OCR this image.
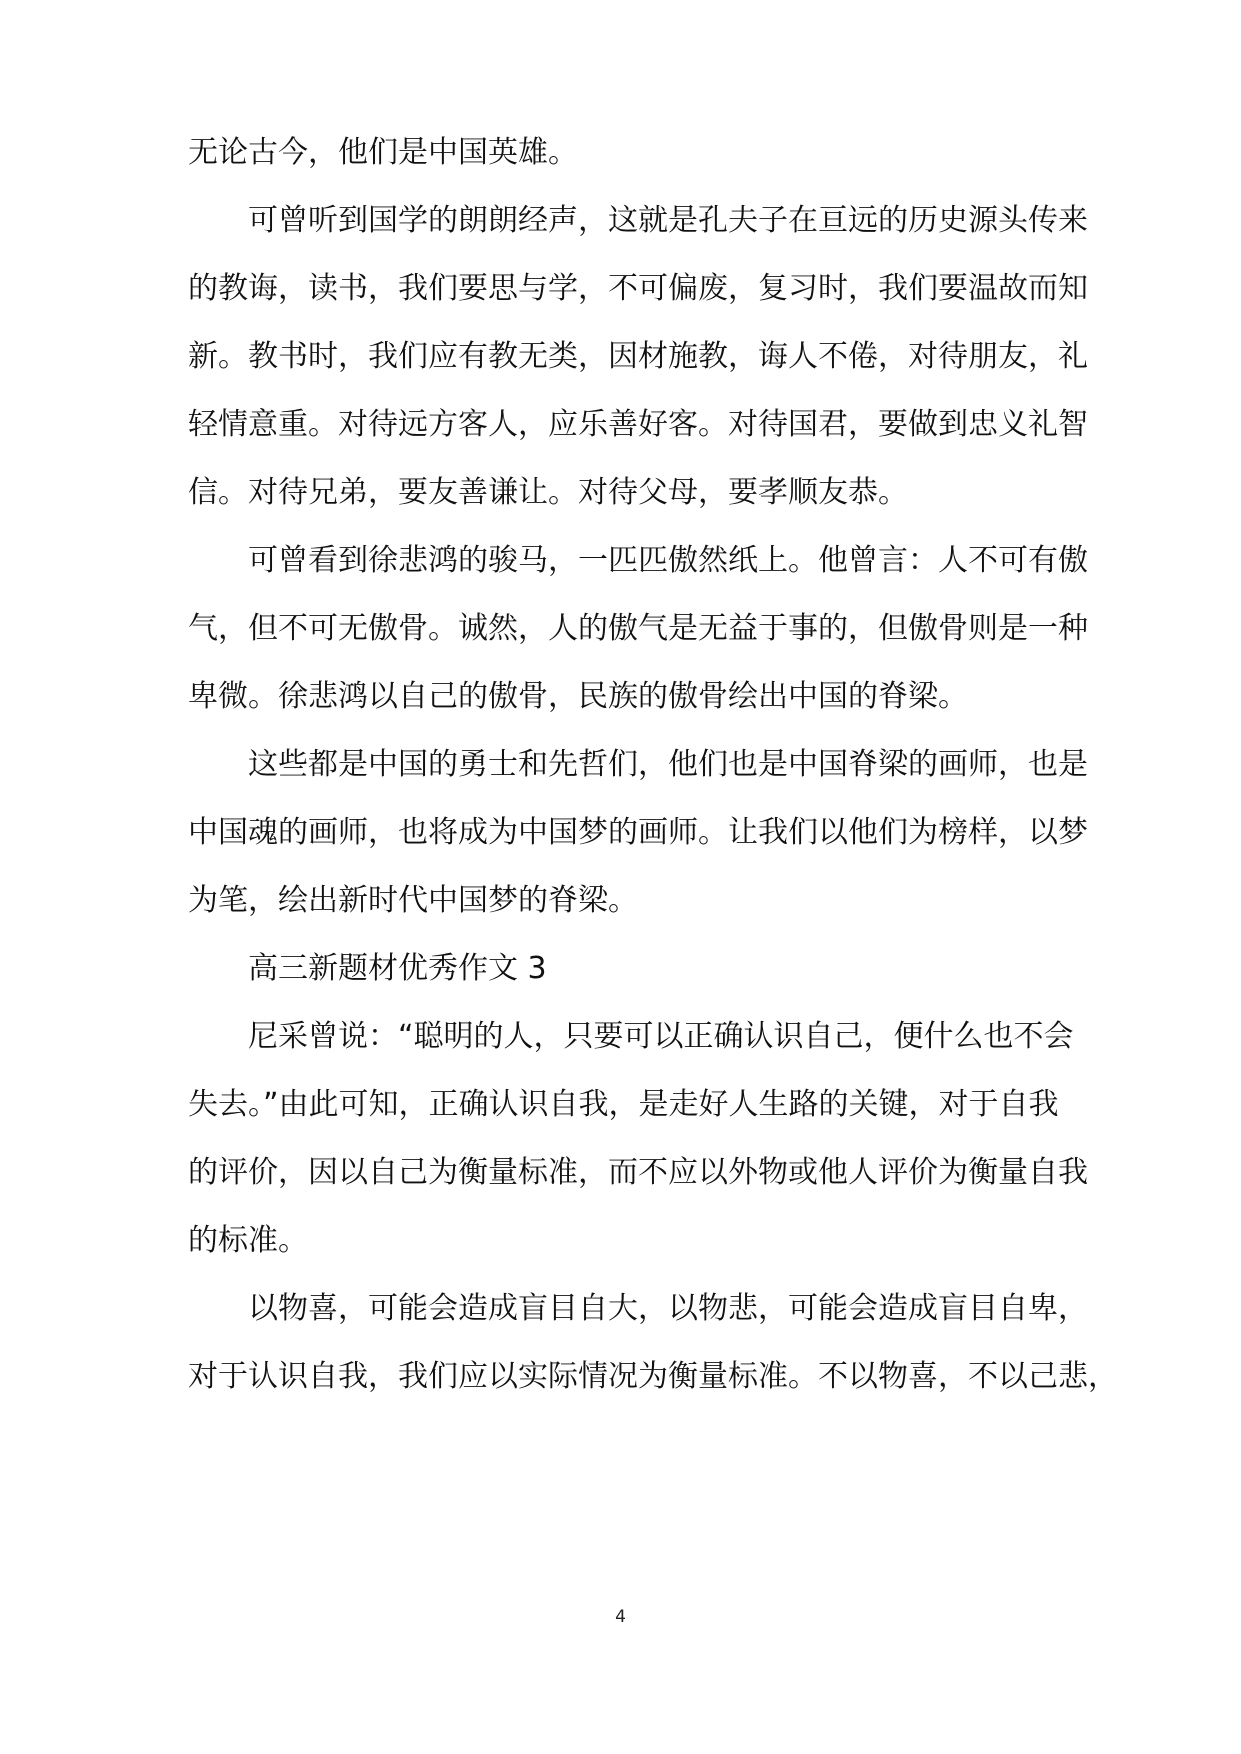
无论古今，他们是中国英雄。
可曾听到国学的朗朗经声，这就是孔夫子在亘远的历史源头传来
的教诲，读书，我们要思与学，不可偏废，复习时，我们要温故而知
新。教书时，我们应有教无类，因材施教，诲人不倦，对待朋友，礼
轻情意重。对待远方客人，应乐善好客。对待国君，要做到忠义礼智
信。对待兄弟，要友善谦让。对待父母，要孝顺友恭。
可曾看到徐悲鸿的骏马，一匹匹傲然纸上。他曾言：人不可有傲
气，但不可无傲骨。诚然，人的傲气是无益于事的，但傲骨则是一种
卑微。徐悲鸿以自己的傲骨，民族的傲骨绘出中国的脊梁。
这些都是中国的勇士和先哲们，他们也是中国脊梁的画师，也是
中国魂的画师，也将成为中国梦的画师。让我们以他们为榜样，以梦
为笔，绘出新时代中国梦的脊梁。
高三新题材优秀作文 3
尼采曾说：“聪明的人，只要可以正确认识自己，便什么也不会
失去。”由此可知，正确认识自我，是走好人生路的关键，对于自我
的评价，因以自己为衡量标准，而不应以外物或他人评价为衡量自我
的标准。
以物喜，可能会造成盲目自大，以物悲，可能会造成盲目自卑，
对于认识自我，我们应以实际情况为衡量标准。不以物喜，不以己悲，
4
